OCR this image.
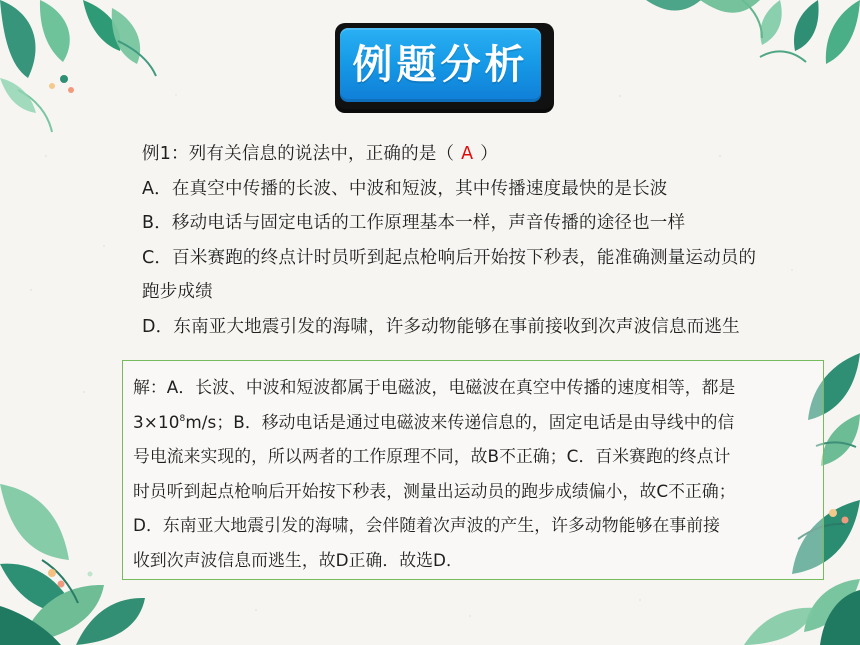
例题分析
例1：列有关信息的说法中，正确的是（ A ）
A．在真空中传播的长波、中波和短波，其中传播速度最快的是长波
B．移动电话与固定电话的工作原理基本一样，声音传播的途径也一样
C．百米赛跑的终点计时员听到起点枪响后开始按下秒表，能准确测量运动员的
跑步成绩
D．东南亚大地震引发的海啸，许多动物能够在事前接收到次声波信息而逃生
解：A．长波、中波和短波都属于电磁波，电磁波在真空中传播的速度相等，都是
$3\times 10^8m/s$；B．移动电话是通过电磁波来传递信息的，固定电话是由导线中的信
号电流来实现的，所以两者的工作原理不同，故B不正确；C．百米赛跑的终点计
时员听到起点枪响后开始按下秒表，测量出运动员的跑步成绩偏小，故C不正确；
D．东南亚大地震引发的海啸，会伴随着次声波的产生，许多动物能够在事前接
收到次声波信息而逃生，故D正确．故选D．
